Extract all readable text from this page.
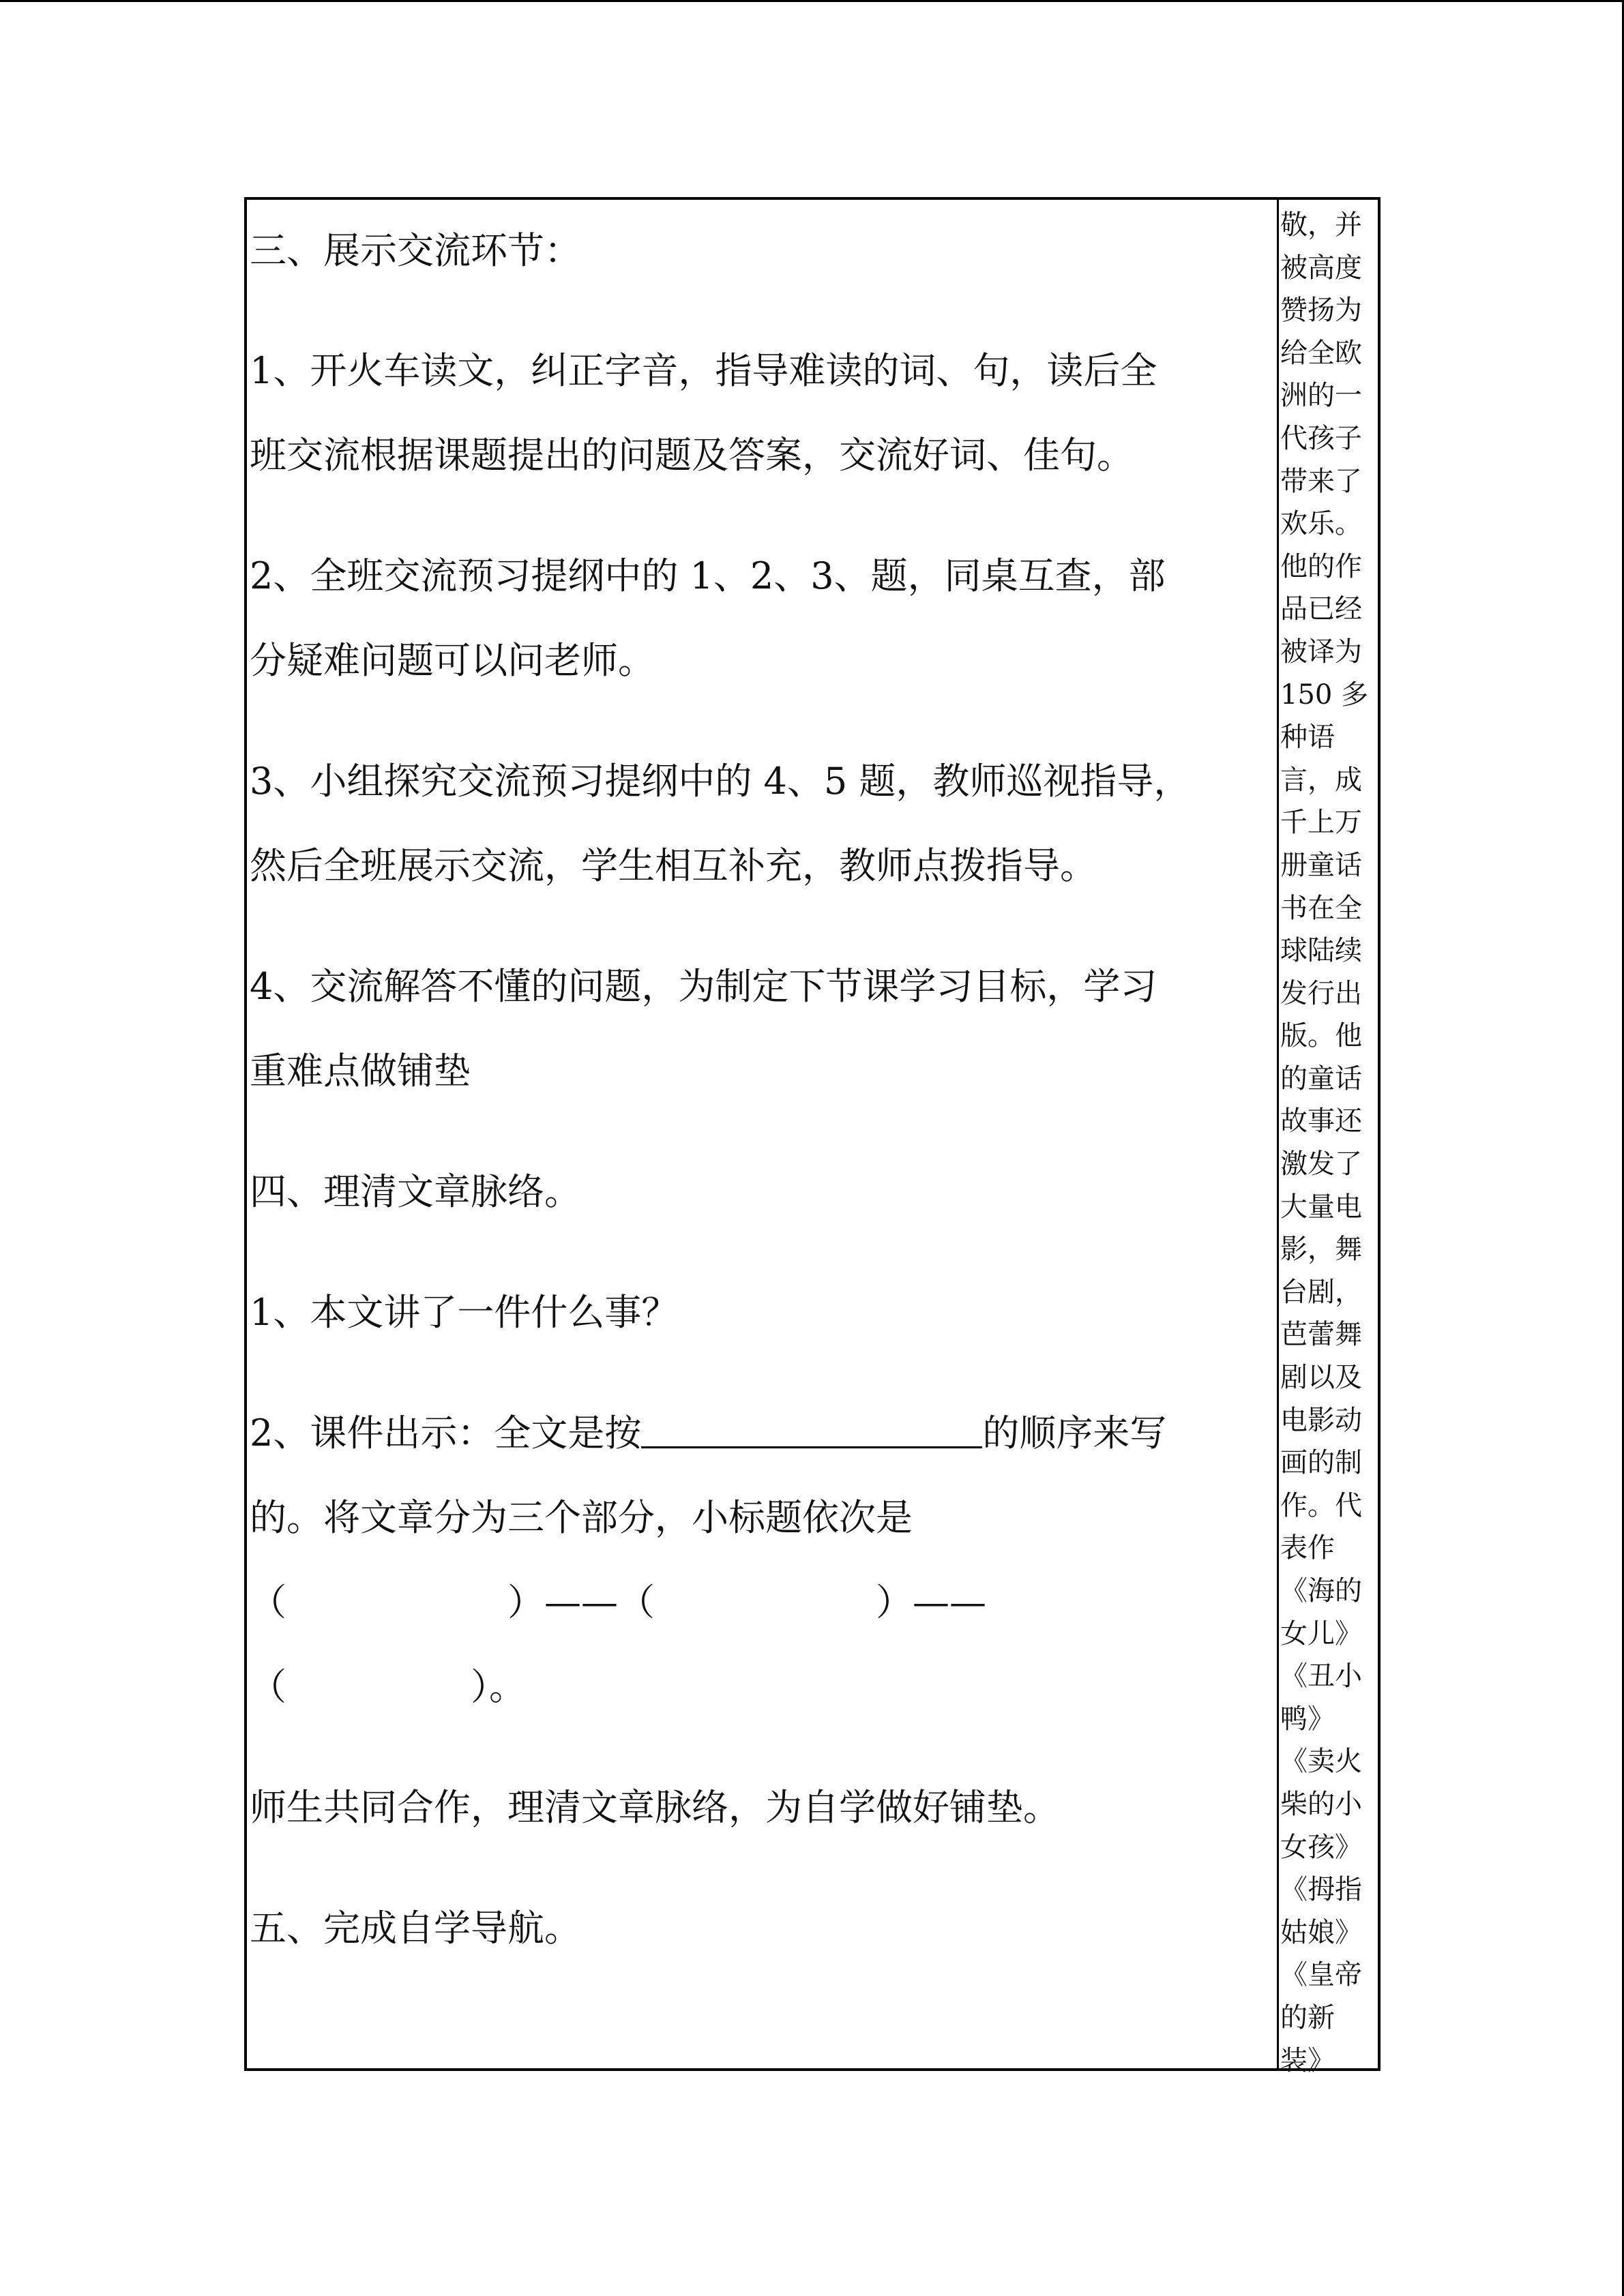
三、展示交流环节：

1、开火车读文，纠正字音，指导难读的词、句，读后全

班交流根据课题提出的问题及答案，交流好词、佳句。

2、全班交流预习提纲中的 1、2、3、题，同桌互查，部

分疑难问题可以问老师。

3、小组探究交流预习提纲中的 4、5 题，教师巡视指导，

然后全班展示交流，学生相互补充，教师点拨指导。

4、交流解答不懂的问题，为制定下节课学习目标，学习

重难点做铺垫

四、理清文章脉络。

1、本文讲了一件什么事？

2、课件出示：全文是按	的顺序来写

的。将文章分为三个部分，小标题依次是

（　　　　　　）——（　　　　　　）——

（　　　　　）。

师生共同合作，理清文章脉络，为自学做好铺垫。

五、完成自学导航。

敬，并
被高度
赞扬为
给全欧
洲的一
代孩子
带来了
欢乐。
他的作
品已经
被译为
150 多
种语
言，成
千上万
册童话
书在全
球陆续
发行出
版。他
的童话
故事还
激发了
大量电
影，舞
台剧，
芭蕾舞
剧以及
电影动
画的制
作。代
表作
《海的
女儿》
《丑小
鸭》
《卖火
柴的小
女孩》
《拇指
姑娘》
《皇帝
的新
装》
